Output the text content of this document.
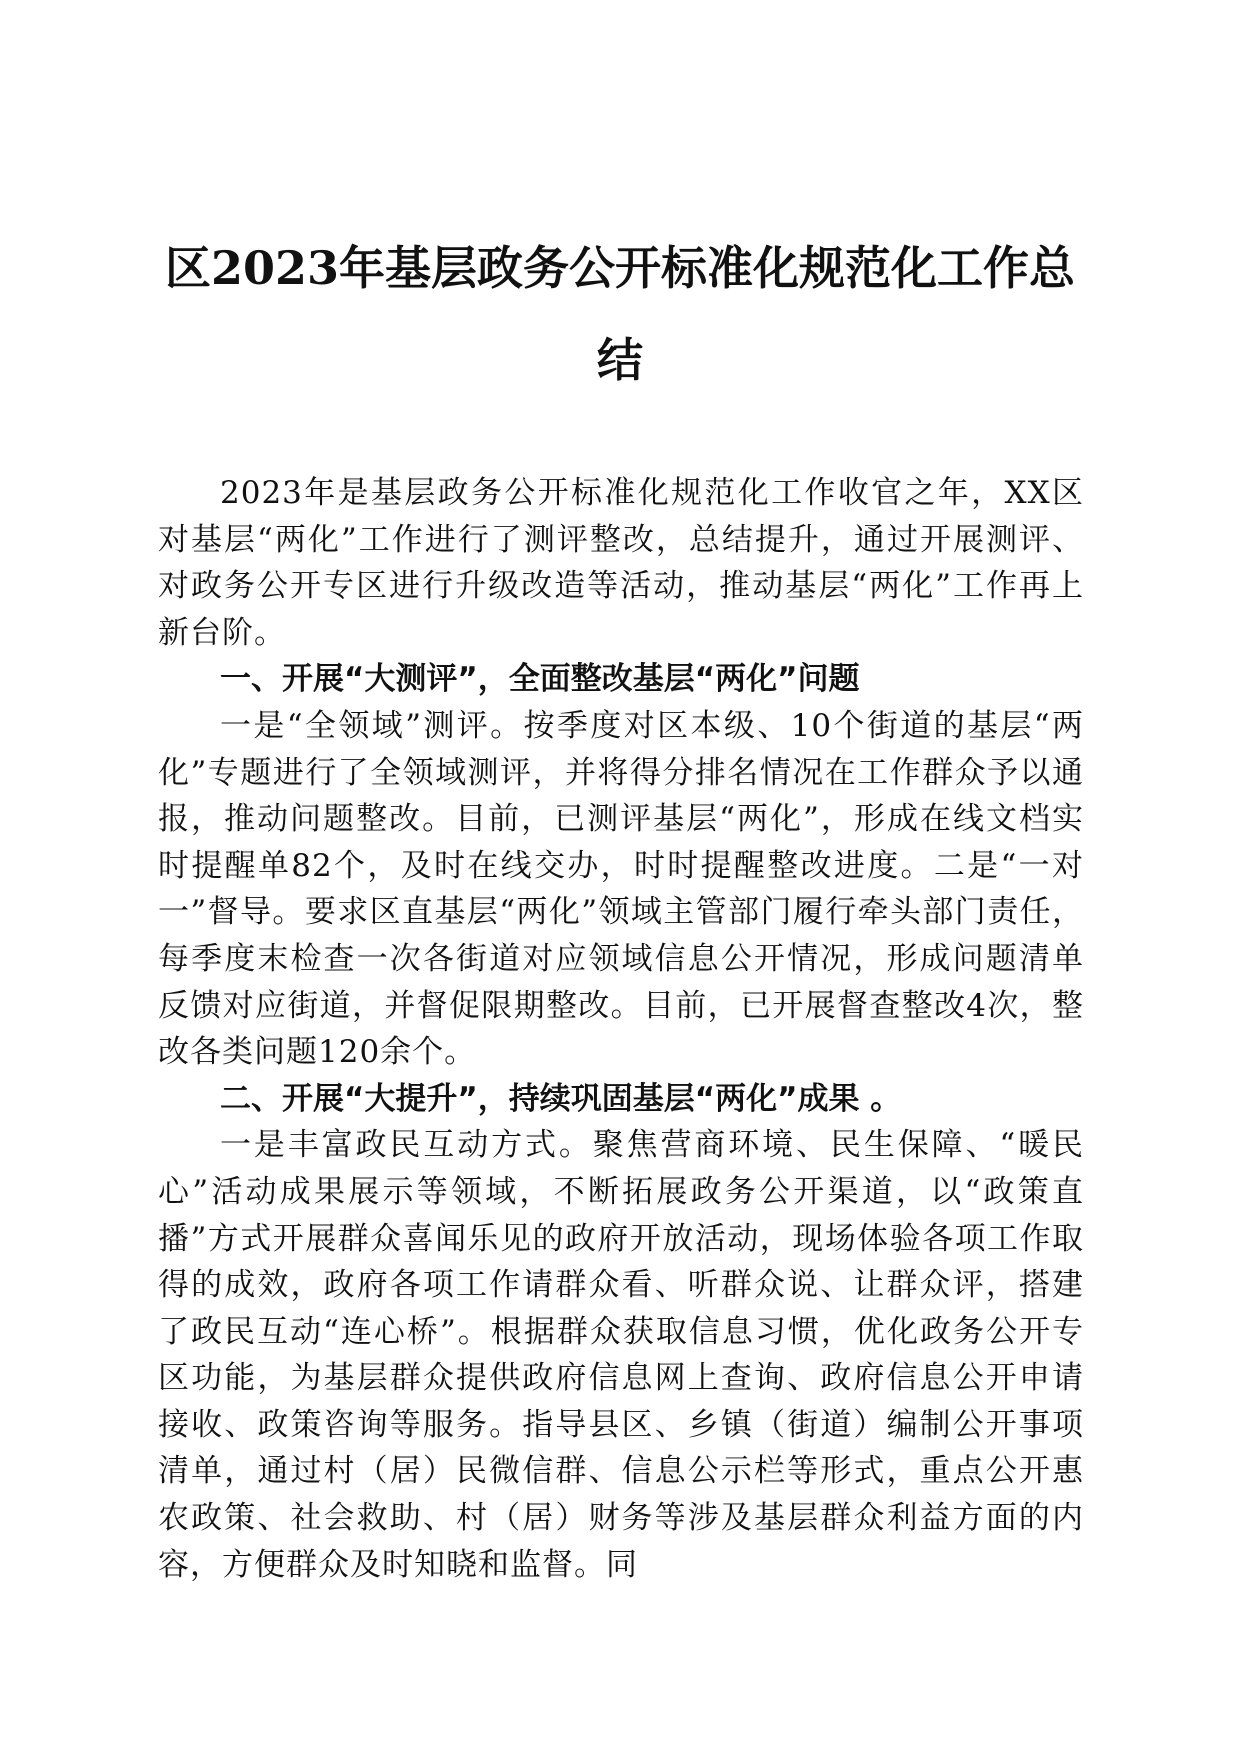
区2023年基层政务公开标准化规范化工作总结

2023年是基层政务公开标准化规范化工作收官之年，XX区对基层“两化”工作进行了测评整改，总结提升，通过开展测评、对政务公开专区进行升级改造等活动，推动基层“两化”工作再上新台阶。

一、开展“大测评”，全面整改基层“两化”问题

一是“全领域”测评。按季度对区本级、10个街道的基层“两化”专题进行了全领域测评，并将得分排名情况在工作群众予以通报，推动问题整改。目前，已测评基层“两化”，形成在线文档实时提醒单82个，及时在线交办，时时提醒整改进度。二是“一对一”督导。要求区直基层“两化”领域主管部门履行牵头部门责任，每季度末检查一次各街道对应领域信息公开情况，形成问题清单反馈对应街道，并督促限期整改。目前，已开展督查整改4次，整改各类问题120余个。

二、开展“大提升”，持续巩固基层“两化”成果 。

一是丰富政民互动方式。聚焦营商环境、民生保障、“暖民心”活动成果展示等领域，不断拓展政务公开渠道，以“政策直播”方式开展群众喜闻乐见的政府开放活动，现场体验各项工作取得的成效，政府各项工作请群众看、听群众说、让群众评，搭建了政民互动“连心桥”。根据群众获取信息习惯，优化政务公开专区功能，为基层群众提供政府信息网上查询、政府信息公开申请接收、政策咨询等服务。指导县区、乡镇（街道）编制公开事项清单，通过村（居）民微信群、信息公示栏等形式，重点公开惠农政策、社会救助、村（居）财务等涉及基层群众利益方面的内容，方便群众及时知晓和监督。同
